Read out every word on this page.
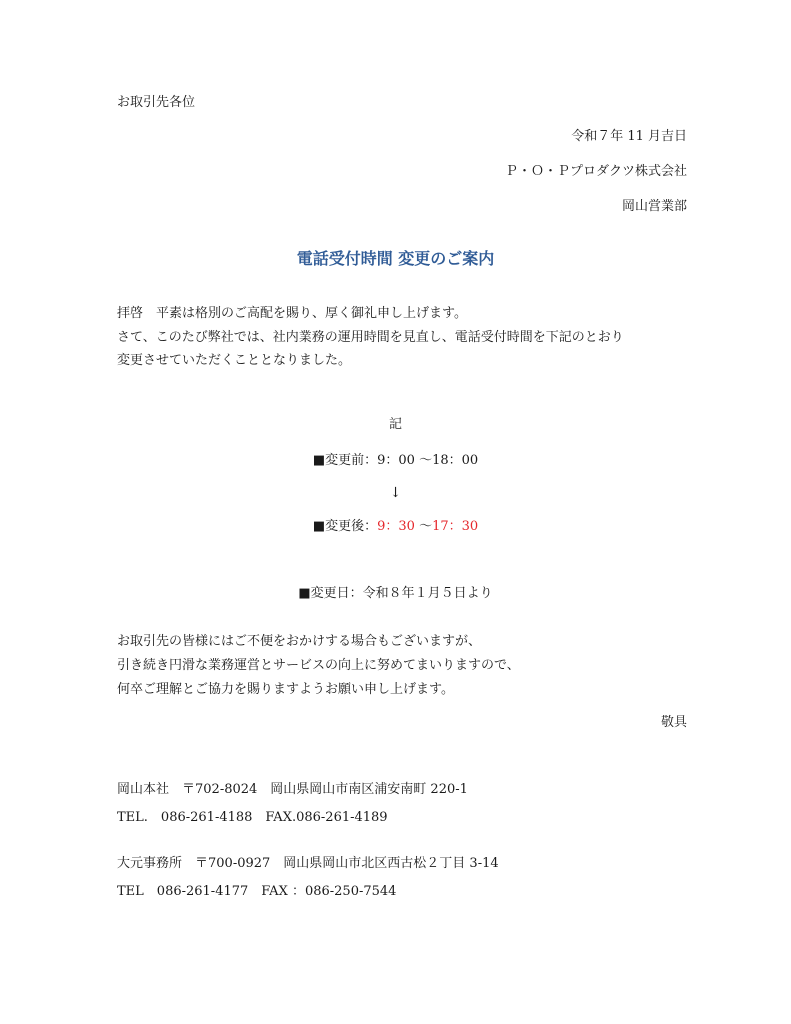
お取引先各位
令和７年 11 月吉日
Ｐ・Ｏ・Ｐプロダクツ株式会社
岡山営業部
電話受付時間 変更のご案内
拝啓　平素は格別のご高配を賜り、厚く御礼申し上げます。
さて、このたび弊社では、社内業務の運用時間を見直し、電話受付時間を下記のとおり
変更させていただくこととなりました。
記
■変更前：9：00 〜18：00
↓
■変更後：9：30 〜17：30
■変更日：令和８年１月５日より
お取引先の皆様にはご不便をおかけする場合もございますが、
引き続き円滑な業務運営とサービスの向上に努めてまいりますので、
何卒ご理解とご協力を賜りますようお願い申し上げます。
敬具
岡山本社　〒702-8024　岡山県岡山市南区浦安南町 220-1
TEL.　086-261-4188　FAX.086-261-4189
大元事務所　〒700-0927　岡山県岡山市北区西古松２丁目 3-14
TEL　086-261-4177　FAX ：086-250-7544
